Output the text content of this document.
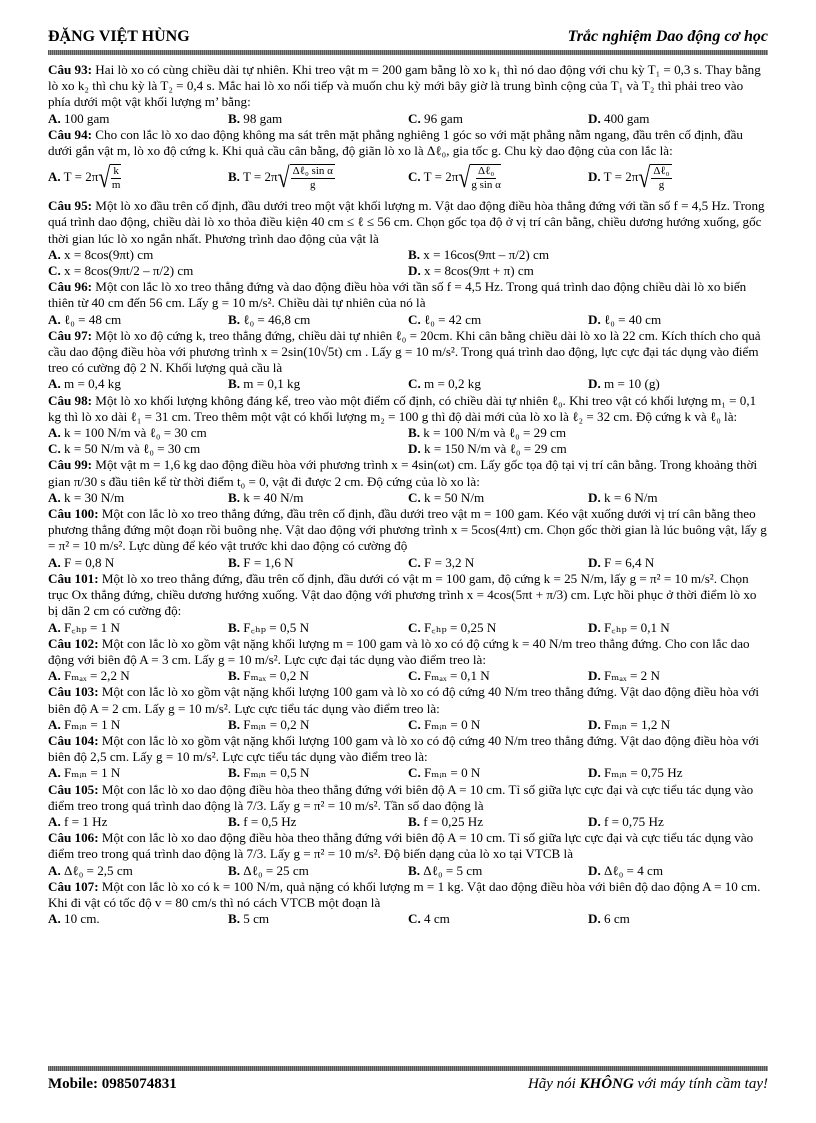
ĐẶNG VIỆT HÙNG	Trắc nghiệm Dao động cơ học

Câu 93: Hai lò xo có cùng chiều dài tự nhiên. Khi treo vật m = 200 gam bằng lò xo k₁ thì nó dao động với chu kỳ T₁ = 0,3 s. Thay bằng lò xo k₂ thì chu kỳ là T₂ = 0,4 s. Mắc hai lò xo nối tiếp và muốn chu kỳ mới bây giờ là trung bình cộng của T₁ và T₂ thì phải treo vào phía dưới một vật khối lượng m’ bằng:

A. 100 gam	B. 98 gam	C. 96 gam	D. 400 gam

Câu 94: Cho con lắc lò xo dao động không ma sát trên mặt phẳng nghiêng 1 góc so với mặt phẳng nằm ngang, đầu trên cố định, đầu dưới gắn vật m, lò xo độ cứng k. Khi quả cầu cân bằng, độ giãn lò xo là Δℓ₀, gia tốc g. Chu kỳ dao động của con lắc là:

A. T = 2π √ $\frac{k}{m}$	B. T = 2π √ $\frac{\text{Δℓ₀ sin α}}{g}$	C. T = 2π √ $\frac{\text{Δℓ₀}}{\text{g sin α}}$	D. T = 2π √ $\frac{\text{Δℓ₀}}{g}$

Câu 95: Một lò xo đầu trên cố định, đầu dưới treo một vật khối lượng m. Vật dao động điều hòa thẳng đứng với tần số f = 4,5 Hz. Trong quá trình dao động, chiều dài lò xo thỏa điều kiện 40 cm ≤ ℓ ≤ 56 cm. Chọn gốc tọa độ ở vị trí cân bằng, chiều dương hướng xuống, gốc thời gian lúc lò xo ngắn nhất. Phương trình dao động của vật là

A. x = 8cos(9πt) cm	B. x = 16cos(9πt – π/2) cm
C. x = 8cos(9πt/2 – π/2) cm	D. x = 8cos(9πt + π) cm

Câu 96: Một con lắc lò xo treo thẳng đứng và dao động điều hòa với tần số f = 4,5 Hz. Trong quá trình dao động chiều dài lò xo biến thiên từ 40 cm đến 56 cm. Lấy g = 10 m/s². Chiều dài tự nhiên của nó là

A. ℓ₀ = 48 cm	B. ℓ₀ = 46,8 cm	C. ℓ₀ = 42 cm	D. ℓ₀ = 40 cm

Câu 97: Một lò xo độ cứng k, treo thẳng đứng, chiều dài tự nhiên ℓ₀ = 20cm. Khi cân bằng chiều dài lò xo là 22 cm. Kích thích cho quả cầu dao động điều hòa với phương trình x = 2sin(10√5t) cm . Lấy g = 10 m/s². Trong quá trình dao động, lực cực đại tác dụng vào điểm treo có cường độ 2 N. Khối lượng quả cầu là

A. m = 0,4 kg	B. m = 0,1 kg	C. m = 0,2 kg	D. m = 10 (g)

Câu 98: Một lò xo khối lượng không đáng kể, treo vào một điểm cố định, có chiều dài tự nhiên ℓ₀. Khi treo vật có khối lượng m₁ = 0,1 kg thì lò xo dài ℓ₁ = 31 cm. Treo thêm một vật có khối lượng m₂ = 100 g thì độ dài mới của lò xo là ℓ₂ = 32 cm. Độ cứng k và ℓ₀ là:

A. k = 100 N/m và ℓ₀ = 30 cm	B. k = 100 N/m và ℓ₀ = 29 cm
C. k = 50 N/m và ℓ₀ = 30 cm	D. k = 150 N/m và ℓ₀ = 29 cm

Câu 99: Một vật m = 1,6 kg dao động điều hòa với phương trình x = 4sin(ωt) cm. Lấy gốc tọa độ tại vị trí cân bằng. Trong khoảng thời gian π/30 s đầu tiên kể từ thời điểm t₀ = 0, vật đi được 2 cm. Độ cứng của lò xo là:

A. k = 30 N/m	B. k = 40 N/m	C. k = 50 N/m	D. k = 6 N/m

Câu 100: Một con lắc lò xo treo thẳng đứng, đầu trên cố định, đầu dưới treo vật m = 100 gam. Kéo vật xuống dưới vị trí cân bằng theo phương thẳng đứng một đoạn rồi buông nhẹ. Vật dao động với phương trình x = 5cos(4πt) cm. Chọn gốc thời gian là lúc buông vật, lấy g = π² = 10 m/s². Lực dùng để kéo vật trước khi dao động có cường độ

A. F = 0,8 N	B. F = 1,6 N	C. F = 3,2 N	D. F = 6,4 N

Câu 101: Một lò xo treo thẳng đứng, đầu trên cố định, đầu dưới có vật m = 100 gam, độ cứng k = 25 N/m, lấy g = π² = 10 m/s². Chọn trục Ox thẳng đứng, chiều dương hướng xuống. Vật dao động với phương trình x = 4cos(5πt + π/3) cm. Lực hồi phục ở thời điểm lò xo bị dãn 2 cm có cường độ:

A. F꜀ₕₚ = 1 N	B. F꜀ₕₚ = 0,5 N	C. F꜀ₕₚ = 0,25 N	D. F꜀ₕₚ = 0,1 N

Câu 102: Một con lắc lò xo gồm vật nặng khối lượng m = 100 gam và lò xo có độ cứng k = 40 N/m treo thẳng đứng. Cho con lắc dao động với biên độ A = 3 cm. Lấy g = 10 m/s². Lực cực đại tác dụng vào điểm treo là:

A. Fₘₐₓ = 2,2 N	B. Fₘₐₓ = 0,2 N	C. Fₘₐₓ = 0,1 N	D. Fₘₐₓ = 2 N

Câu 103: Một con lắc lò xo gồm vật nặng khối lượng 100 gam và lò xo có độ cứng 40 N/m treo thẳng đứng. Vật dao động điều hòa với biên độ A = 2 cm. Lấy g = 10 m/s². Lực cực tiểu tác dụng vào điểm treo là:

A. Fₘᵢₙ = 1 N	B. Fₘᵢₙ = 0,2 N	C. Fₘᵢₙ = 0 N	D. Fₘᵢₙ = 1,2 N

Câu 104: Một con lắc lò xo gồm vật nặng khối lượng 100 gam và lò xo có độ cứng 40 N/m treo thẳng đứng. Vật dao động điều hòa với biên độ 2,5 cm. Lấy g = 10 m/s². Lực cực tiểu tác dụng vào điểm treo là:

A. Fₘᵢₙ = 1 N	B. Fₘᵢₙ = 0,5 N	C. Fₘᵢₙ = 0 N	D. Fₘᵢₙ = 0,75 Hz

Câu 105: Một con lắc lò xo dao động điều hòa theo thẳng đứng với biên độ A = 10 cm. Tỉ số giữa lực cực đại và cực tiểu tác dụng vào điểm treo trong quá trình dao động là 7/3. Lấy g = π² = 10 m/s². Tần số dao động là

A. f = 1 Hz	B. f = 0,5 Hz	B. f = 0,25 Hz	D. f = 0,75 Hz

Câu 106: Một con lắc lò xo dao động điều hòa theo thẳng đứng với biên độ A = 10 cm. Tỉ số giữa lực cực đại và cực tiểu tác dụng vào điểm treo trong quá trình dao động là 7/3. Lấy g = π² = 10 m/s². Độ biến dạng của lò xo tại VTCB là

A. Δℓ₀ = 2,5 cm	B. Δℓ₀ = 25 cm	B. Δℓ₀ = 5 cm	D. Δℓ₀ = 4 cm

Câu 107: Một con lắc lò xo có k = 100 N/m, quả nặng có khối lượng m = 1 kg. Vật dao động điều hòa với biên độ dao động A = 10 cm. Khi đi vật có tốc độ v = 80 cm/s thì nó cách VTCB một đoạn là

A. 10 cm.	B. 5 cm	C. 4 cm	D. 6 cm
Mobile: 0985074831	Hãy nói KHÔNG với máy tính cầm tay!
